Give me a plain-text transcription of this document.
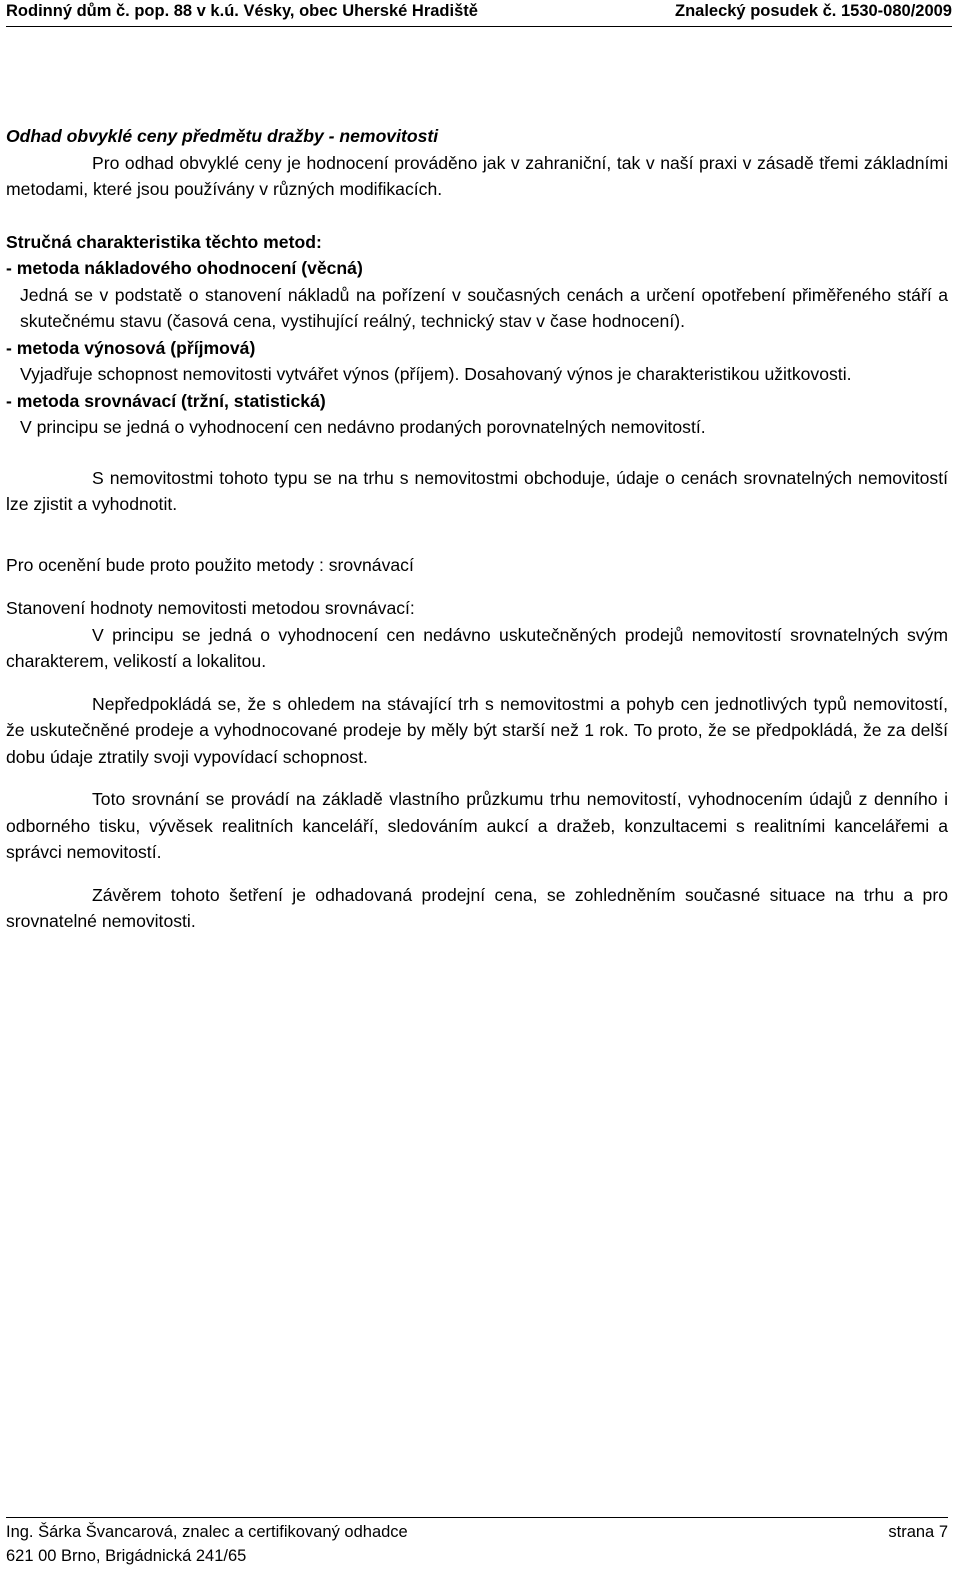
Rodinný dům č. pop. 88 v k.ú. Vésky, obec Uherské Hradiště	Znalecký posudek č. 1530-080/2009

Odhad obvyklé ceny předmětu dražby - nemovitosti

Pro odhad obvyklé ceny je hodnocení prováděno jak v zahraniční, tak v naší praxi v zásadě třemi základními metodami, které jsou používány v různých modifikacích.

Stručná charakteristika těchto metod:

- metoda nákladového ohodnocení (věcná)

Jedná se v podstatě o stanovení nákladů na pořízení v současných cenách a určení opotřebení přiměřeného stáří a skutečnému stavu (časová cena, vystihující reálný, technický stav v čase hodnocení).

- metoda výnosová (příjmová)

Vyjadřuje schopnost nemovitosti vytvářet výnos (příjem). Dosahovaný výnos je charakteristikou užitkovosti.

- metoda srovnávací (tržní, statistická)

V principu se jedná o vyhodnocení cen nedávno prodaných porovnatelných nemovitostí.

S nemovitostmi tohoto typu se na trhu s nemovitostmi obchoduje, údaje o cenách srovnatelných nemovitostí lze zjistit a vyhodnotit.

Pro ocenění bude proto použito metody : srovnávací

Stanovení hodnoty nemovitosti metodou srovnávací:

V principu se jedná o vyhodnocení cen nedávno uskutečněných prodejů nemovitostí srovnatelných svým charakterem, velikostí a lokalitou.

Nepředpokládá se, že s ohledem na stávající trh s nemovitostmi a pohyb cen jednotlivých typů nemovitostí, že uskutečněné prodeje a vyhodnocované prodeje by měly být starší než 1 rok. To proto, že se předpokládá, že za delší dobu údaje ztratily svoji vypovídací schopnost.

Toto srovnání se provádí na základě vlastního průzkumu trhu nemovitostí, vyhodnocením údajů z denního i odborného tisku, vývěsek realitních kanceláří, sledováním aukcí a dražeb, konzultacemi s realitními kancelářemi a správci nemovitostí.

Závěrem tohoto šetření je odhadovaná prodejní cena, se zohledněním současné situace na trhu a pro srovnatelné nemovitosti.

Ing. Šárka Švancarová, znalec a certifikovaný odhadce	strana 7
621 00 Brno, Brigádnická 241/65
